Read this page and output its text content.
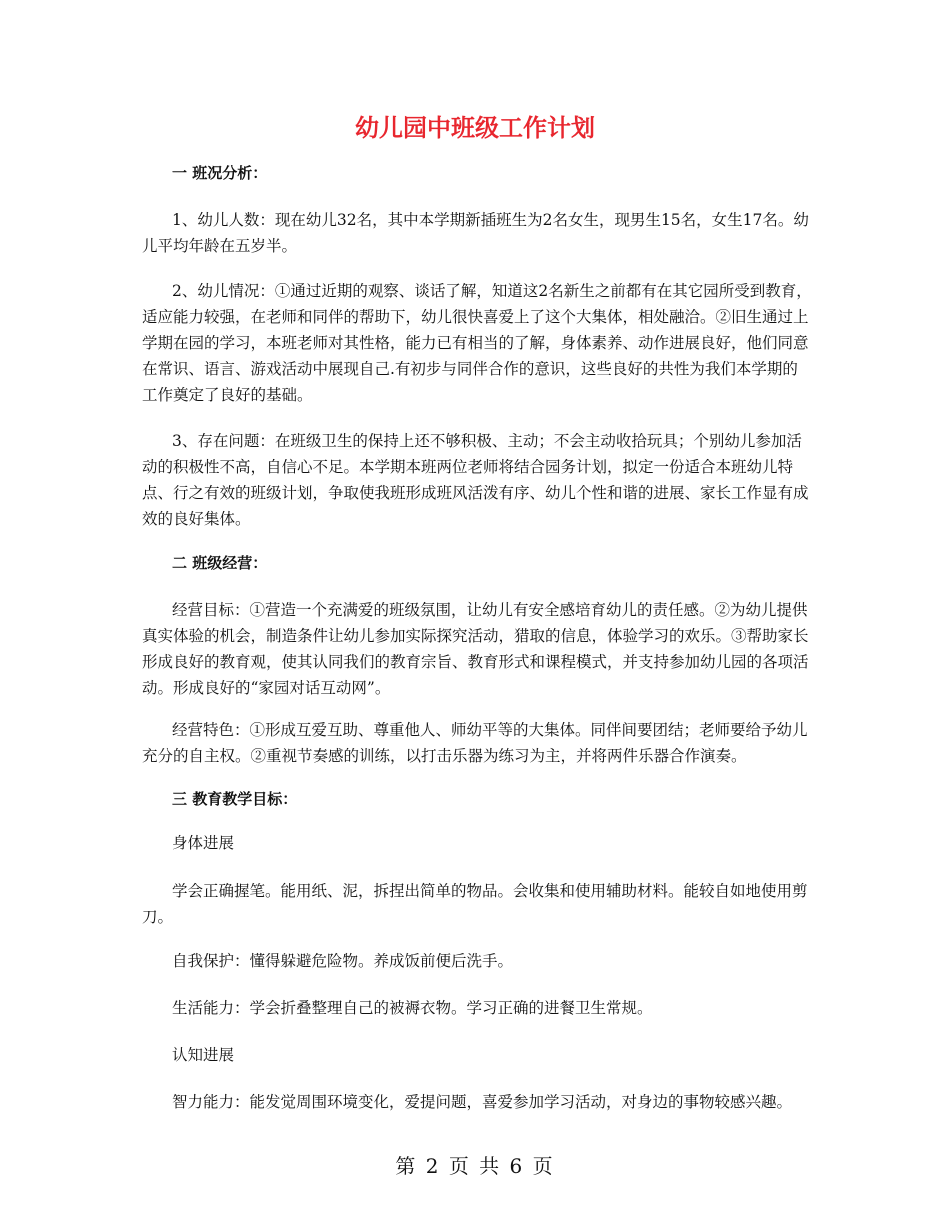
幼儿园中班级工作计划
一 班况分析：
1、幼儿人数：现在幼儿32名，其中本学期新插班生为2名女生，现男生15名，女生17名。幼儿平均年龄在五岁半。
2、幼儿情况：①通过近期的观察、谈话了解，知道这2名新生之前都有在其它园所受到教育，适应能力较强，在老师和同伴的帮助下，幼儿很快喜爱上了这个大集体，相处融洽。②旧生通过上学期在园的学习，本班老师对其性格，能力已有相当的了解，身体素养、动作进展良好，他们同意在常识、语言、游戏活动中展现自己.有初步与同伴合作的意识，这些良好的共性为我们本学期的工作奠定了良好的基础。
3、存在问题：在班级卫生的保持上还不够积极、主动；不会主动收拾玩具；个别幼儿参加活动的积极性不高，自信心不足。本学期本班两位老师将结合园务计划，拟定一份适合本班幼儿特点、行之有效的班级计划，争取使我班形成班风活泼有序、幼儿个性和谐的进展、家长工作显有成效的良好集体。
二 班级经营：
经营目标：①营造一个充满爱的班级氛围，让幼儿有安全感培育幼儿的责任感。②为幼儿提供真实体验的机会，制造条件让幼儿参加实际探究活动，猎取的信息，体验学习的欢乐。③帮助家长形成良好的教育观，使其认同我们的教育宗旨、教育形式和课程模式，并支持参加幼儿园的各项活动。形成良好的“家园对话互动网”。
经营特色：①形成互爱互助、尊重他人、师幼平等的大集体。同伴间要团结；老师要给予幼儿充分的自主权。②重视节奏感的训练，以打击乐器为练习为主，并将两件乐器合作演奏。
三 教育教学目标：
身体进展
学会正确握笔。能用纸、泥，拆捏出简单的物品。会收集和使用辅助材料。能较自如地使用剪刀。
自我保护：懂得躲避危险物。养成饭前便后洗手。
生活能力：学会折叠整理自己的被褥衣物。学习正确的进餐卫生常规。
认知进展
智力能力：能发觉周围环境变化，爱提问题，喜爱参加学习活动，对身边的事物较感兴趣。
第 2 页 共 6 页
